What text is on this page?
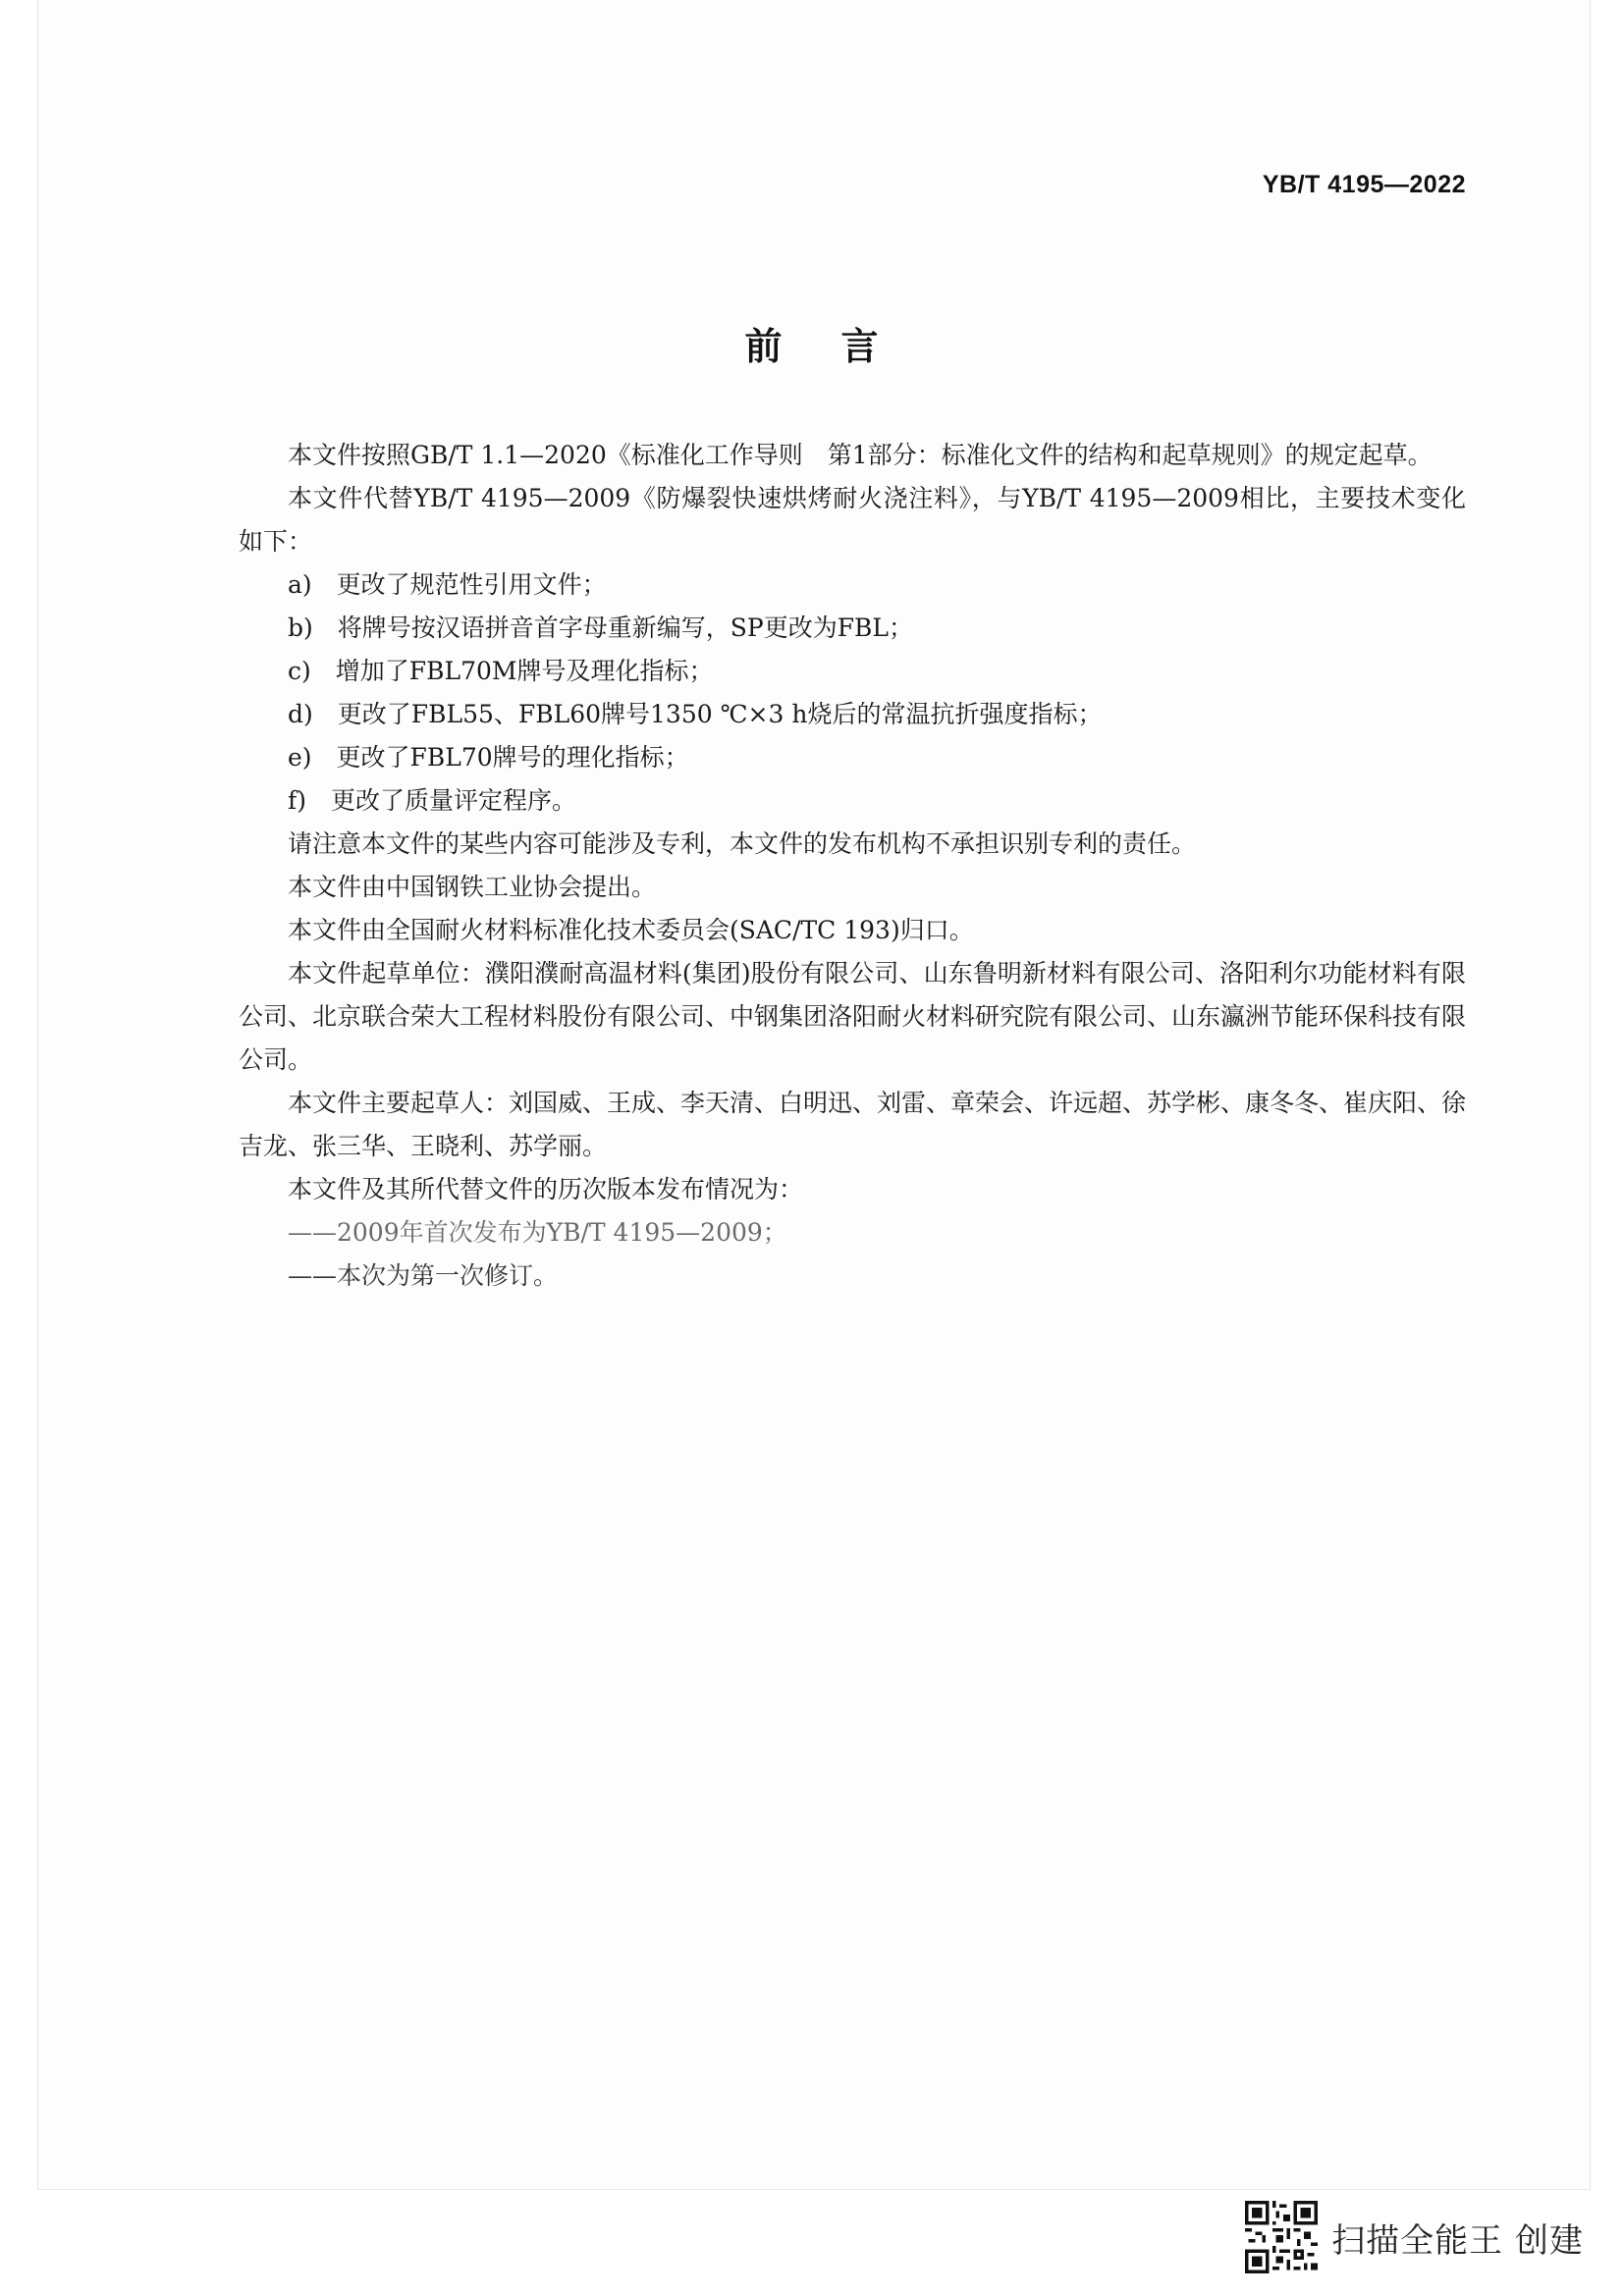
YB/T 4195—2022
前言

本文件按照GB/T 1.1—2020《标准化工作导则　第1部分：标准化文件的结构和起草规则》的规定起草。

本文件代替YB/T 4195—2009《防爆裂快速烘烤耐火浇注料》，与YB/T 4195—2009相比，主要技术变化如下：

a)　更改了规范性引用文件；

b)　将牌号按汉语拼音首字母重新编写，SP更改为FBL；

c)　增加了FBL70M牌号及理化指标；

d)　更改了FBL55、FBL60牌号1350 ℃×3 h烧后的常温抗折强度指标；

e)　更改了FBL70牌号的理化指标；

f)　更改了质量评定程序。

请注意本文件的某些内容可能涉及专利，本文件的发布机构不承担识别专利的责任。

本文件由中国钢铁工业协会提出。

本文件由全国耐火材料标准化技术委员会(SAC/TC 193)归口。

本文件起草单位：濮阳濮耐高温材料(集团)股份有限公司、山东鲁明新材料有限公司、洛阳利尔功能材料有限公司、北京联合荣大工程材料股份有限公司、中钢集团洛阳耐火材料研究院有限公司、山东瀛洲节能环保科技有限公司。

本文件主要起草人：刘国威、王成、李天清、白明迅、刘雷、章荣会、许远超、苏学彬、康冬冬、崔庆阳、徐吉龙、张三华、王晓利、苏学丽。

本文件及其所代替文件的历次版本发布情况为：

——2009年首次发布为YB/T 4195—2009；

——本次为第一次修订。

扫描全能王 创建
